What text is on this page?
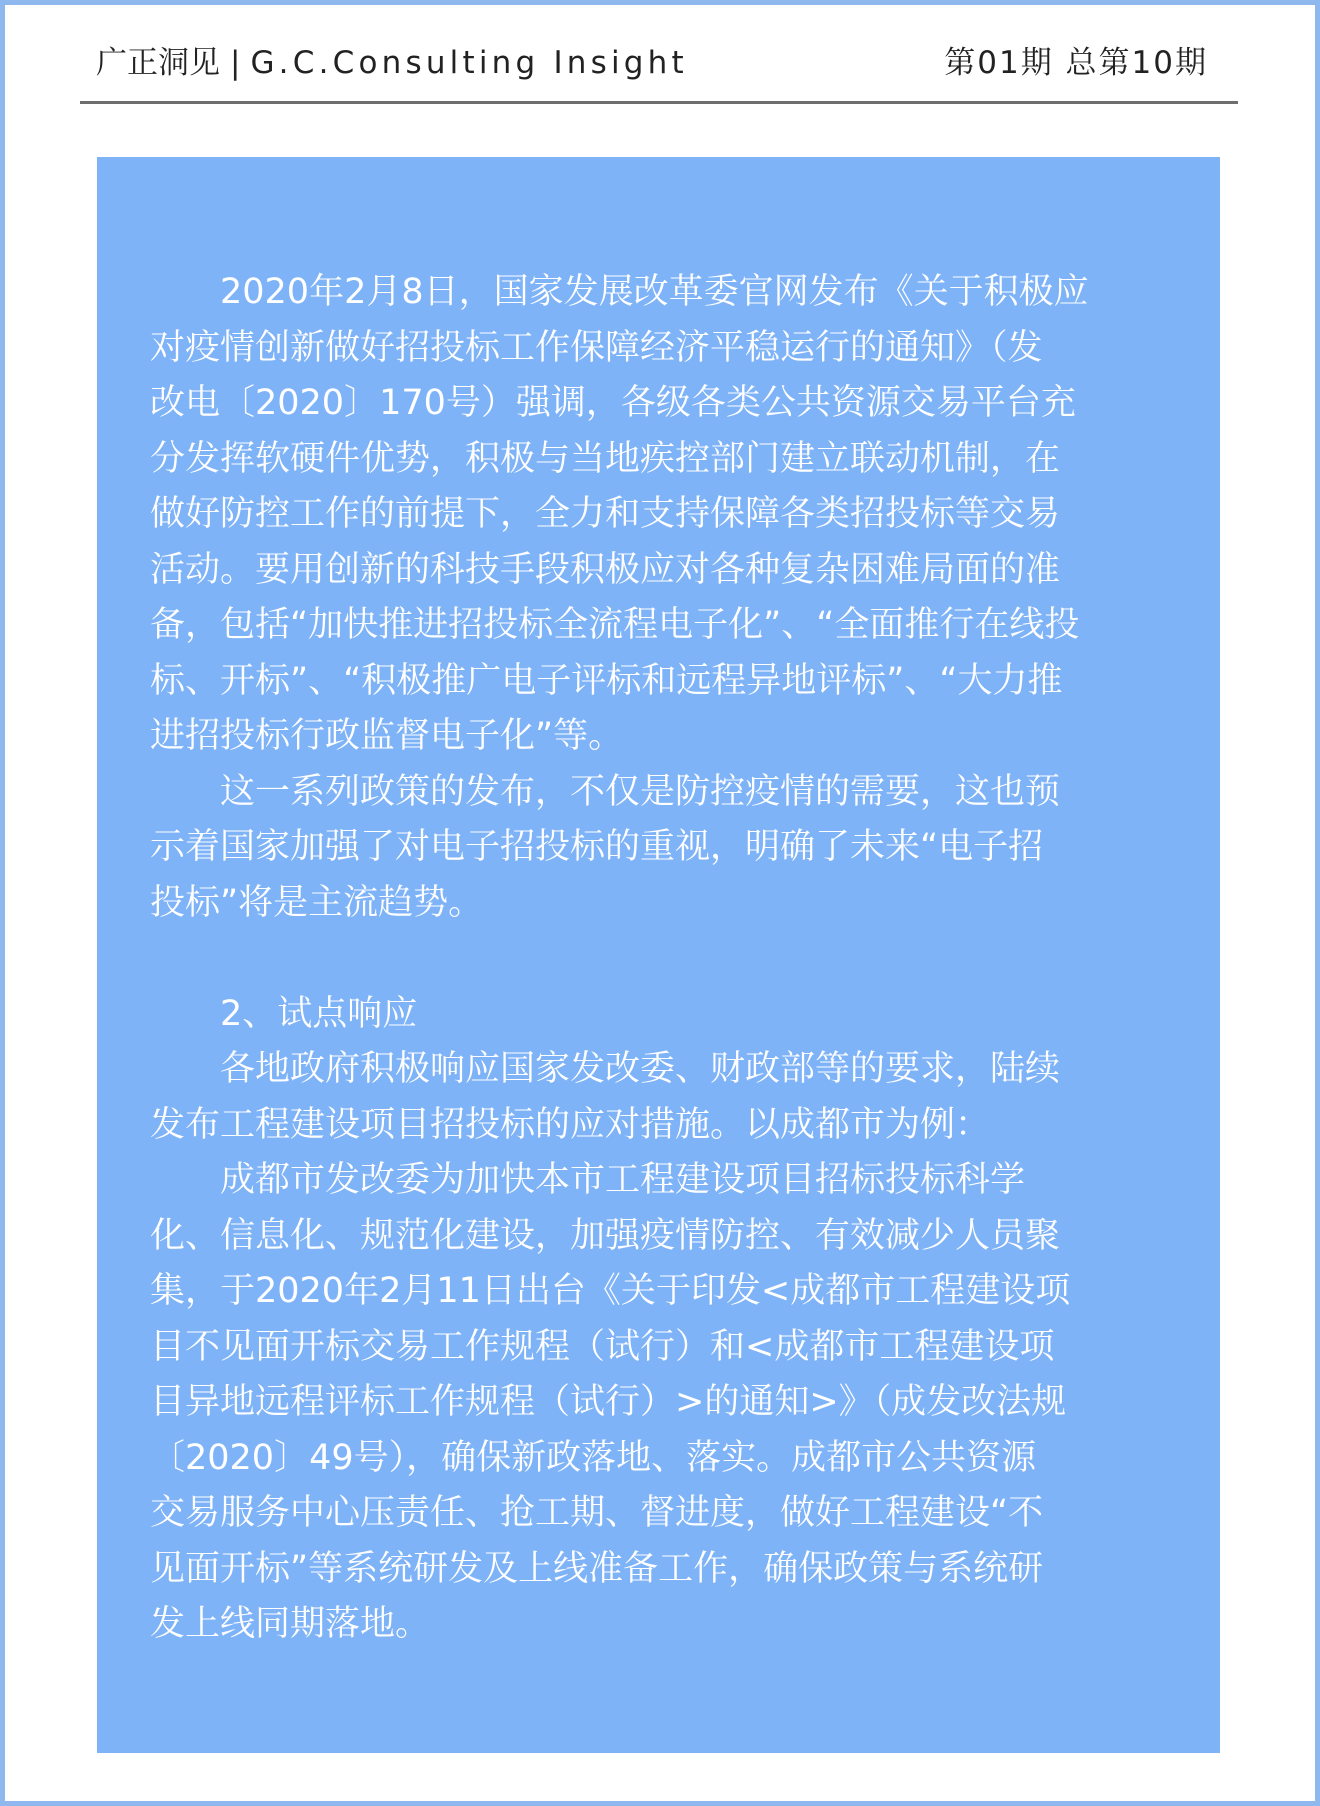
广正洞见 | G.C.Consulting Insight	第01期 总第10期

2020年2月8日，国家发展改革委官网发布《关于积极应
对疫情创新做好招投标工作保障经济平稳运行的通知》（发
改电〔2020〕170号）强调，各级各类公共资源交易平台充
分发挥软硬件优势，积极与当地疾控部门建立联动机制，在
做好防控工作的前提下，全力和支持保障各类招投标等交易
活动。要用创新的科技手段积极应对各种复杂困难局面的准
备，包括“加快推进招投标全流程电子化”、“全面推行在线投
标、开标”、“积极推广电子评标和远程异地评标”、“大力推
进招投标行政监督电子化”等。

这一系列政策的发布，不仅是防控疫情的需要，这也预
示着国家加强了对电子招投标的重视，明确了未来“电子招
投标”将是主流趋势。

2、试点响应

各地政府积极响应国家发改委、财政部等的要求，陆续
发布工程建设项目招投标的应对措施。以成都市为例：

成都市发改委为加快本市工程建设项目招标投标科学
化、信息化、规范化建设，加强疫情防控、有效减少人员聚
集，于2020年2月11日出台《关于印发<成都市工程建设项
目不见面开标交易工作规程（试行）和<成都市工程建设项
目异地远程评标工作规程（试行）>的通知>》（成发改法规
〔2020〕49号），确保新政落地、落实。成都市公共资源
交易服务中心压责任、抢工期、督进度，做好工程建设“不
见面开标”等系统研发及上线准备工作，确保政策与系统研
发上线同期落地。
